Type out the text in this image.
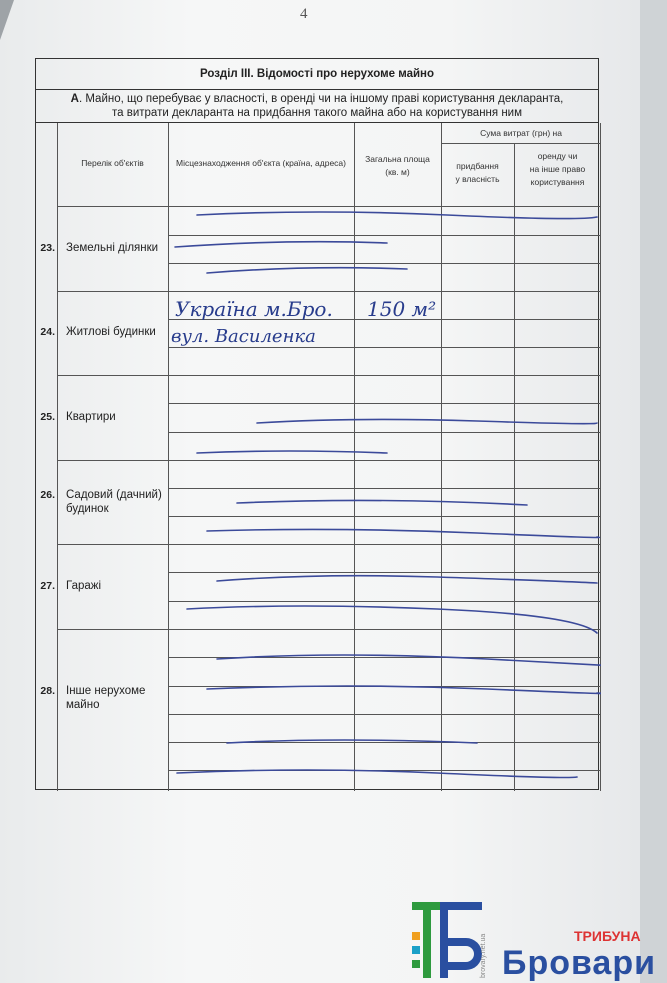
4
Розділ III. Відомості про нерухоме майно
А. Майно, що перебуває у власності, в оренді чи на іншому праві користування декларанта,
та витрати декларанта на придбання такого майна або на користування ним
Перелік об'єктів	Місцезнаходження об'єкта (країна, адреса)	Загальна площа
(кв. м)
Сума витрат (грн) на
придбання
у власність
оренду чи
на інше право
користування
23. Земельні ділянки
24. Житлові будинки
25. Квартири
26. Садовий (дачний) будинок
27. Гаражі
28. Інше нерухоме майно
Україна м.Бро. 150 м²
вул. Василенка
ТРИБУНА
Бровари
brovary.net.ua
